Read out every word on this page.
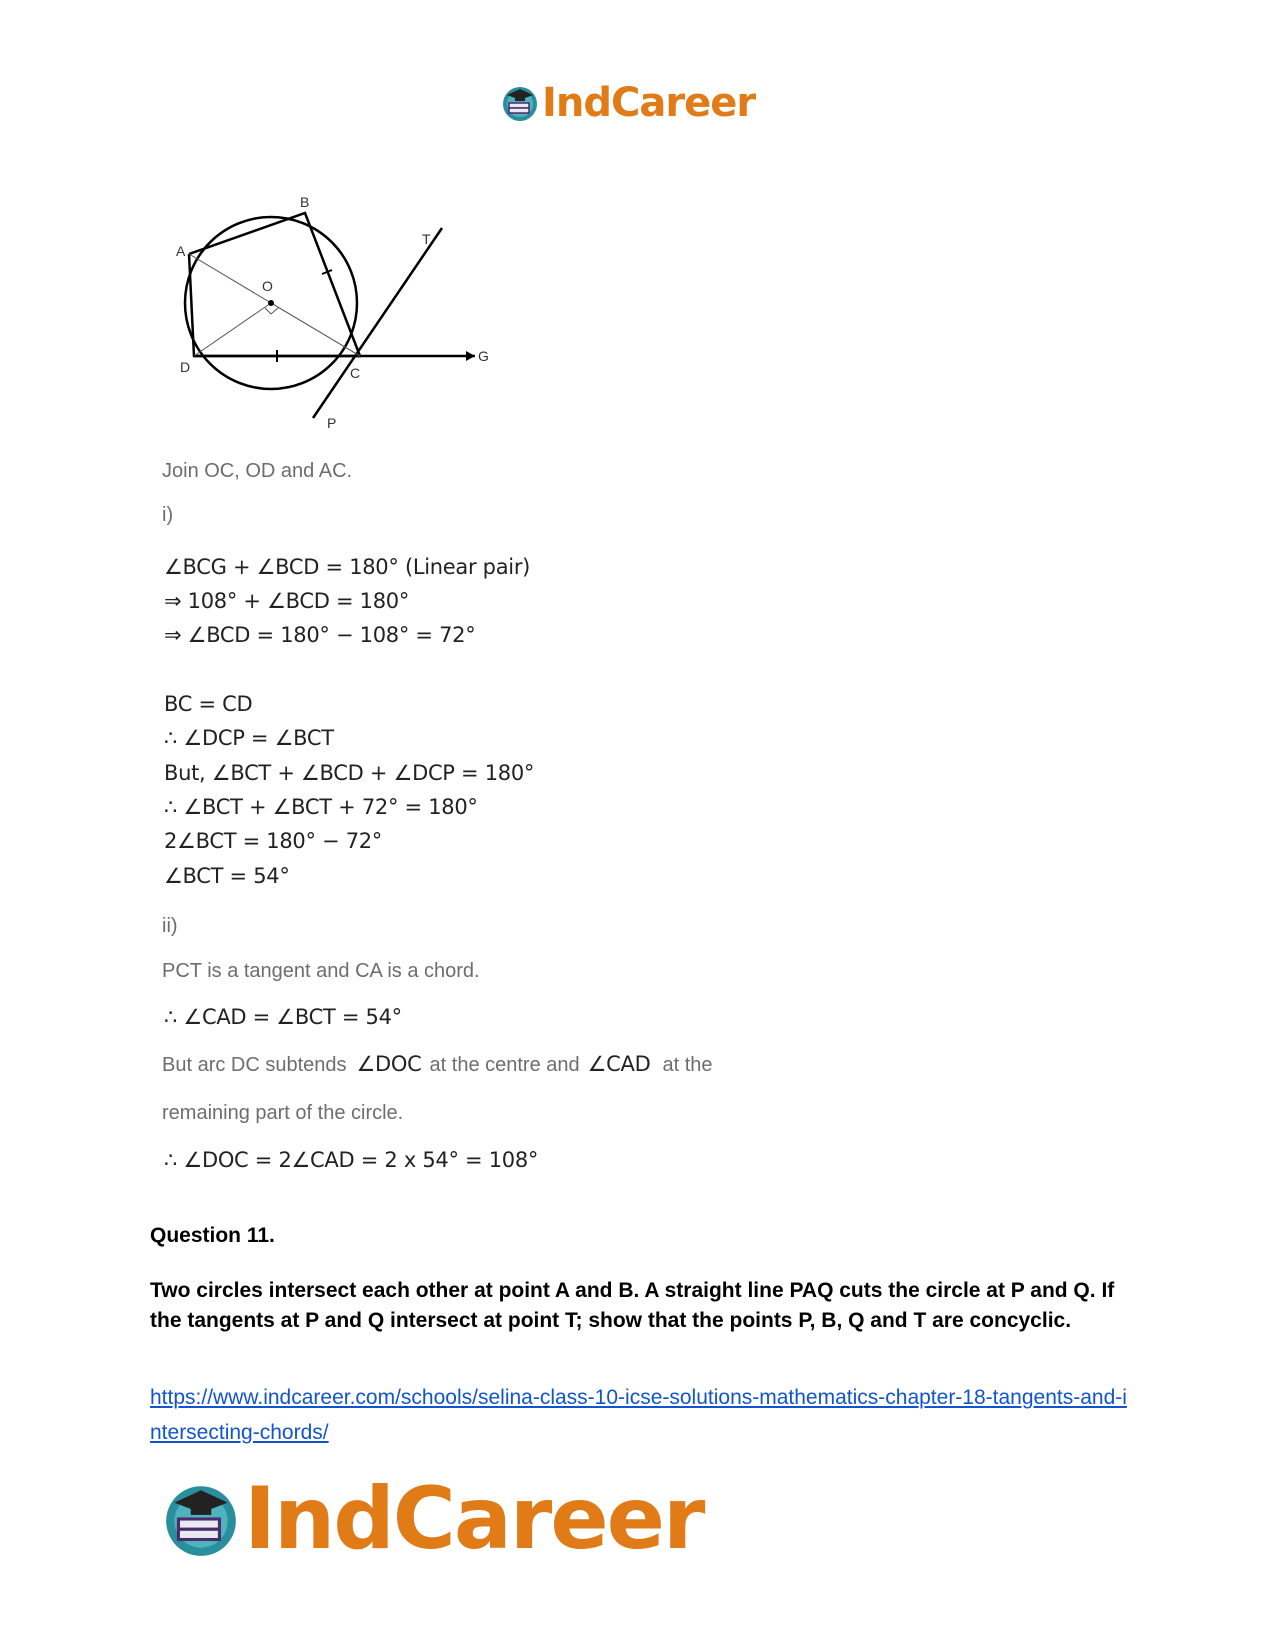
IndCareer
A
B
O
T
D	C
G
P
Join OC, OD and AC.
i)
∠BCG + ∠BCD = 180° (Linear pair)
⇒ 108° + ∠BCD = 180°
⇒ ∠BCD = 180° − 108° = 72°
BC = CD
∴ ∠DCP = ∠BCT
But, ∠BCT + ∠BCD + ∠DCP = 180°
∴ ∠BCT + ∠BCT + 72° = 180°
2∠BCT = 180° − 72°
∠BCT = 54°
ii)
PCT is a tangent and CA is a chord.
∴ ∠CAD = ∠BCT = 54°
But arc DC subtends ∠DOC at the centre and ∠CAD at the
remaining part of the circle.
∴ ∠DOC = 2∠CAD = 2 x 54° = 108°
Question 11.
Two circles intersect each other at point A and B. A straight line PAQ cuts the circle at P and Q. If the tangents at P and Q intersect at point T; show that the points P, B, Q and T are concyclic.
https://www.indcareer.com/schools/selina-class-10-icse-solutions-mathematics-chapter-18-tangents-and-intersecting-chords/
IndCareer
